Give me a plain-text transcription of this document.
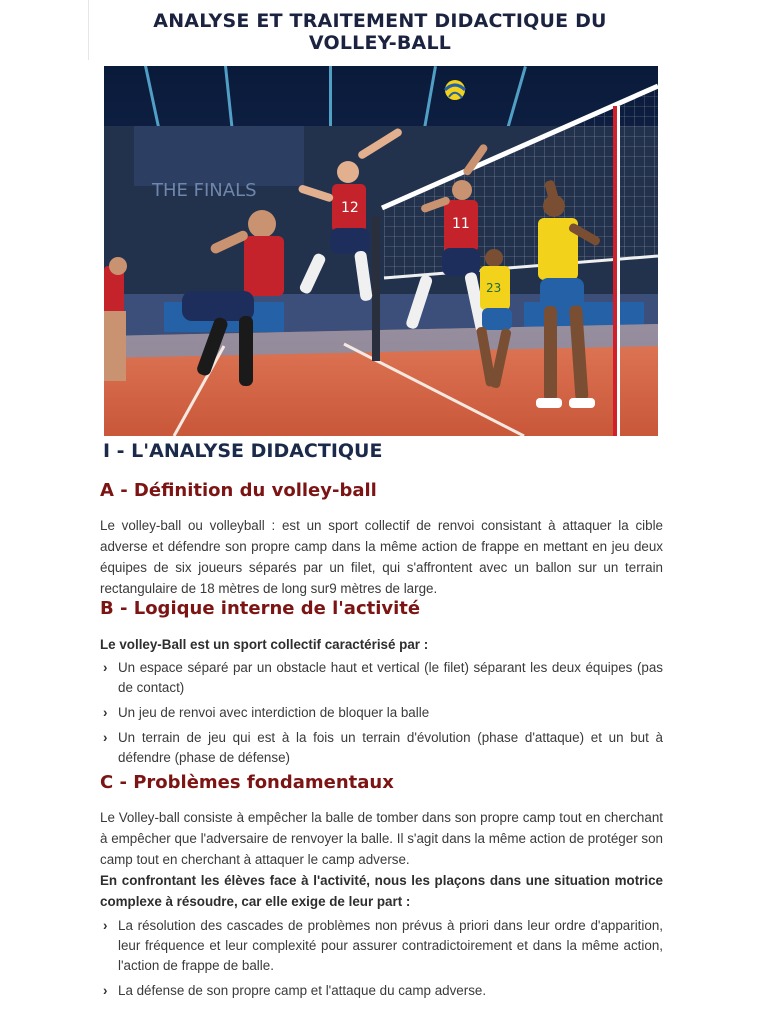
ANALYSE ET TRAITEMENT DIDACTIQUE DU VOLLEY-BALL
THE FINALS
12
11
23
I - L'ANALYSE DIDACTIQUE
A - Définition du volley-ball

Le volley-ball ou volleyball : est un sport collectif de renvoi consistant à attaquer la cible adverse et défendre son propre camp dans la même action de frappe en mettant en jeu deux équipes de six joueurs séparés par un filet, qui s'affrontent avec un ballon sur un terrain rectangulaire de 18 mètres de long sur9 mètres de large.

B - Logique interne de l'activité

Le volley-Ball est un sport collectif caractérisé par :

› Un espace séparé par un obstacle haut et vertical (le filet) séparant les deux équipes (pas de contact)
› Un jeu de renvoi avec interdiction de bloquer la balle
› Un terrain de jeu qui est à la fois un terrain d'évolution (phase d'attaque) et un but à défendre (phase de défense)
C - Problèmes fondamentaux

Le Volley-ball consiste à empêcher la balle de tomber dans son propre camp tout en cherchant à empêcher que l'adversaire de renvoyer la balle. Il s'agit dans la même action de protéger son camp tout en cherchant à attaquer le camp adverse.

En confrontant les élèves face à l'activité, nous les plaçons dans une situation motrice complexe à résoudre, car elle exige de leur part :

› La résolution des cascades de problèmes non prévus à priori dans leur ordre d'apparition, leur fréquence et leur complexité pour assurer contradictoirement et dans la même action, l'action de frappe de balle.
› La défense de son propre camp et l'attaque du camp adverse.
